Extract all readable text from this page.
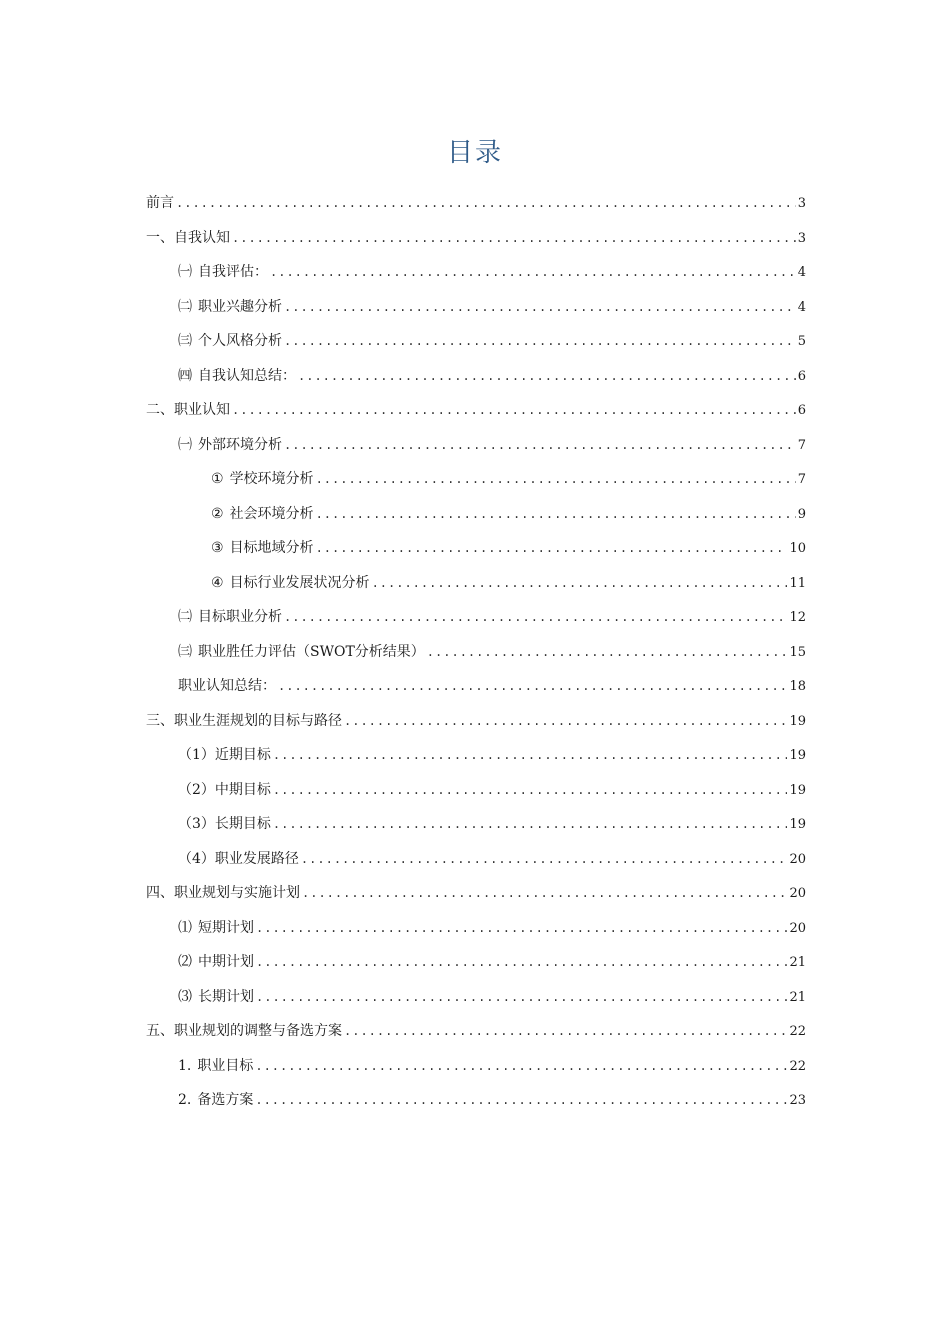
目录
前言 .....	3
一、自我认知 .....	3
㈠ 自我评估： .....	4
㈡ 职业兴趣分析 .....	4
㈢ 个人风格分析 .....	5
㈣ 自我认知总结： .....	6
二、职业认知 .....	6
㈠ 外部环境分析 .....	7
① 学校环境分析 .....	7
② 社会环境分析 .....	9
③ 目标地域分析 .....	10
④ 目标行业发展状况分析 .....	11
㈡ 目标职业分析 .....	12
㈢ 职业胜任力评估（SWOT分析结果） .....	15
职业认知总结： .....	18
三、职业生涯规划的目标与路径 .....	19
（1）近期目标 .....	19
（2）中期目标 .....	19
（3）长期目标 .....	19
（4）职业发展路径 .....	20
四、职业规划与实施计划 .....	20
⑴ 短期计划 .....	20
⑵ 中期计划 .....	21
⑶ 长期计划 .....	21
五、职业规划的调整与备选方案 .....	22
1. 职业目标 .....	22
2. 备选方案 .....	23
